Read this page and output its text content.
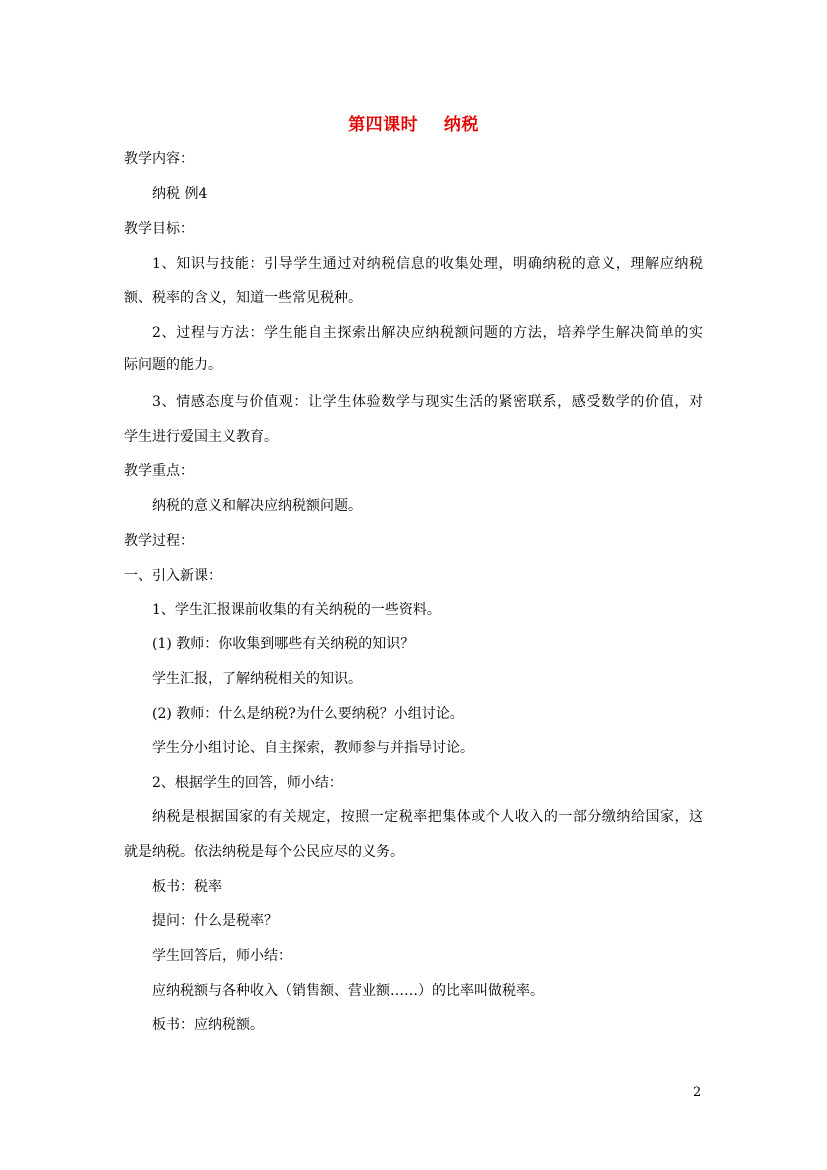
第四课时    纳税
教学内容：
纳税 例4
教学目标：
1、知识与技能：引导学生通过对纳税信息的收集处理，明确纳税的意义，理解应纳税
额、税率的含义，知道一些常见税种。
2、过程与方法：学生能自主探索出解决应纳税额问题的方法，培养学生解决简单的实
际问题的能力。
3、情感态度与价值观：让学生体验数学与现实生活的紧密联系，感受数学的价值，对
学生进行爱国主义教育。
教学重点：
纳税的意义和解决应纳税额问题。
教学过程：
一、引入新课：
1、学生汇报课前收集的有关纳税的一些资料。
(1) 教师：你收集到哪些有关纳税的知识？
学生汇报，了解纳税相关的知识。
(2) 教师：什么是纳税?为什么要纳税？小组讨论。
学生分小组讨论、自主探索，教师参与并指导讨论。
2、根据学生的回答，师小结：
纳税是根据国家的有关规定，按照一定税率把集体或个人收入的一部分缴纳给国家，这
就是纳税。依法纳税是每个公民应尽的义务。
板书：税率
提问：什么是税率？
学生回答后，师小结：
应纳税额与各种收入（销售额、营业额……）的比率叫做税率。
板书：应纳税额。
2
